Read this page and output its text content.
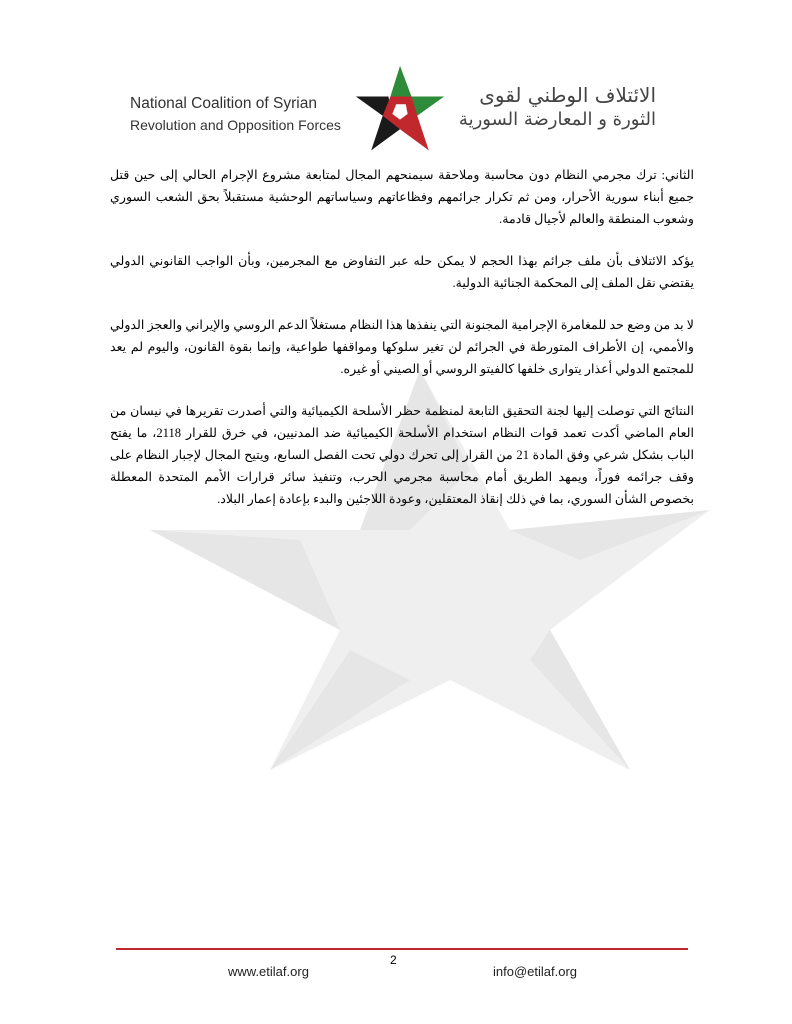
National Coalition of Syrian
Revolution and Opposition Forces
الائتلاف الوطني لقوى
الثورة و المعارضة السورية

الثاني: ترك مجرمي النظام دون محاسبة وملاحقة سيمنحهم المجال لمتابعة مشروع الإجرام الحالي إلى حين قتل جميع أبناء سورية الأحرار، ومن ثم تكرار جرائمهم وفظاعاتهم وسياساتهم الوحشية مستقبلاً بحق الشعب السوري وشعوب المنطقة والعالم لأجيال قادمة.

يؤكد الائتلاف بأن ملف جرائم بهذا الحجم لا يمكن حله عبر التفاوض مع المجرمين، وبأن الواجب القانوني الدولي يقتضي نقل الملف إلى المحكمة الجنائية الدولية.

لا بد من وضع حد للمغامرة الإجرامية المجنونة التي ينفذها هذا النظام مستغلاً الدعم الروسي والإيراني والعجز الدولي والأممي، إن الأطراف المتورطة في الجرائم لن تغير سلوكها ومواقفها طواعية، وإنما بقوة القانون، واليوم لم يعد للمجتمع الدولي أعذار يتوارى خلفها كالفيتو الروسي أو الصيني أو غيره.

النتائج التي توصلت إليها لجنة التحقيق التابعة لمنظمة حظر الأسلحة الكيميائية والتي أصدرت تقريرها في نيسان من العام الماضي أكدت تعمد قوات النظام استخدام الأسلحة الكيميائية ضد المدنيين، في خرق للقرار 2118، ما يفتح الباب بشكل شرعي وفق المادة 21 من القرار إلى تحرك دولي تحت الفصل السابع، ويتيح المجال لإجبار النظام على وقف جرائمه فوراً، ويمهد الطريق أمام محاسبة مجرمي الحرب، وتنفيذ سائر قرارات الأمم المتحدة المعطلة بخصوص الشأن السوري، بما في ذلك إنقاذ المعتقلين، وعودة اللاجئين والبدء بإعادة إعمار البلاد.

2
www.etilaf.org	info@etilaf.org
